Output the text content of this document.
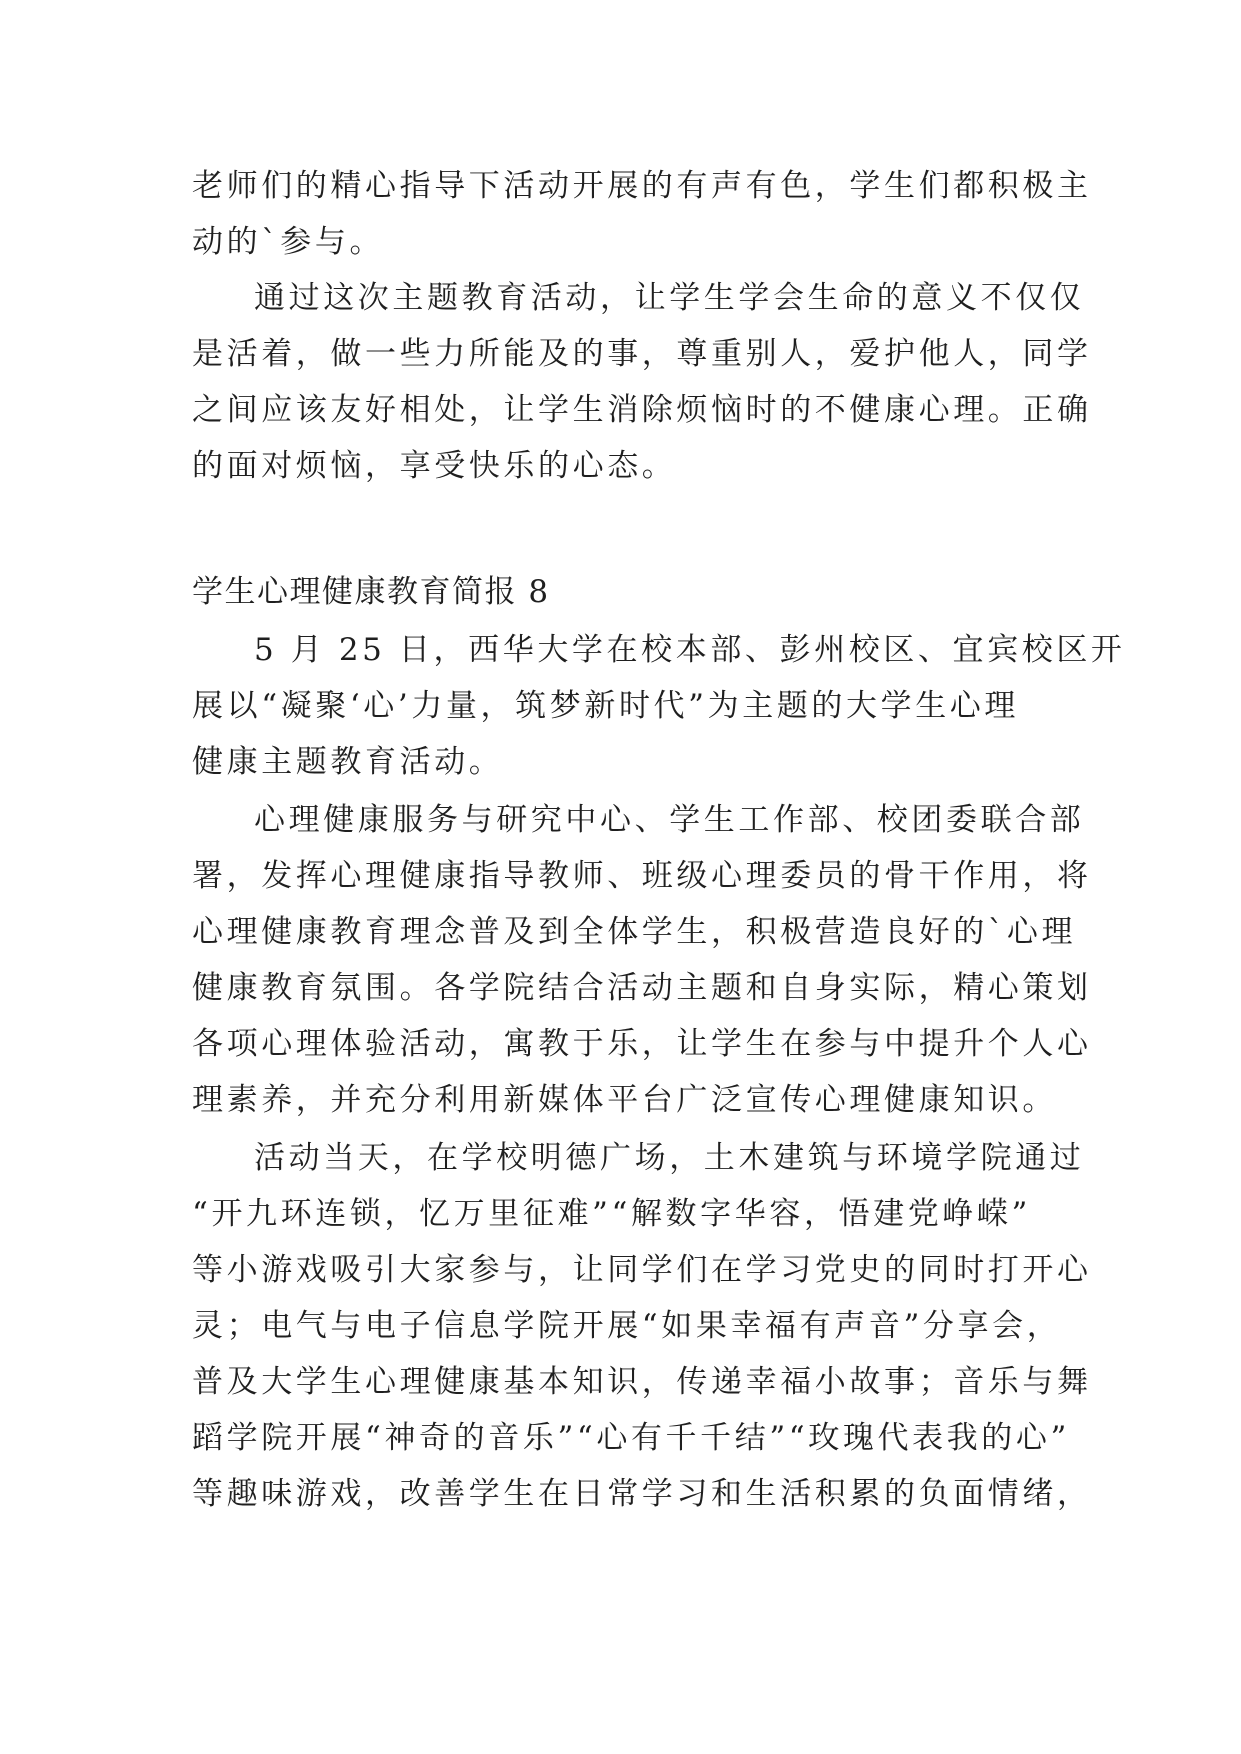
老师们的精心指导下活动开展的有声有色，学生们都积极主
动的`参与。
通过这次主题教育活动，让学生学会生命的意义不仅仅
是活着，做一些力所能及的事，尊重别人，爱护他人，同学
之间应该友好相处，让学生消除烦恼时的不健康心理。正确
的面对烦恼，享受快乐的心态。
学生心理健康教育简报 8
5 月 25 日，西华大学在校本部、彭州校区、宜宾校区开
展以“凝聚‘心’力量，筑梦新时代”为主题的大学生心理
健康主题教育活动。
心理健康服务与研究中心、学生工作部、校团委联合部
署，发挥心理健康指导教师、班级心理委员的骨干作用，将
心理健康教育理念普及到全体学生，积极营造良好的`心理
健康教育氛围。各学院结合活动主题和自身实际，精心策划
各项心理体验活动，寓教于乐，让学生在参与中提升个人心
理素养，并充分利用新媒体平台广泛宣传心理健康知识。
活动当天，在学校明德广场，土木建筑与环境学院通过
“开九环连锁，忆万里征难”“解数字华容，悟建党峥嵘”
等小游戏吸引大家参与，让同学们在学习党史的同时打开心
灵；电气与电子信息学院开展“如果幸福有声音”分享会，
普及大学生心理健康基本知识，传递幸福小故事；音乐与舞
蹈学院开展“神奇的音乐”“心有千千结”“玫瑰代表我的心”
等趣味游戏，改善学生在日常学习和生活积累的负面情绪，
